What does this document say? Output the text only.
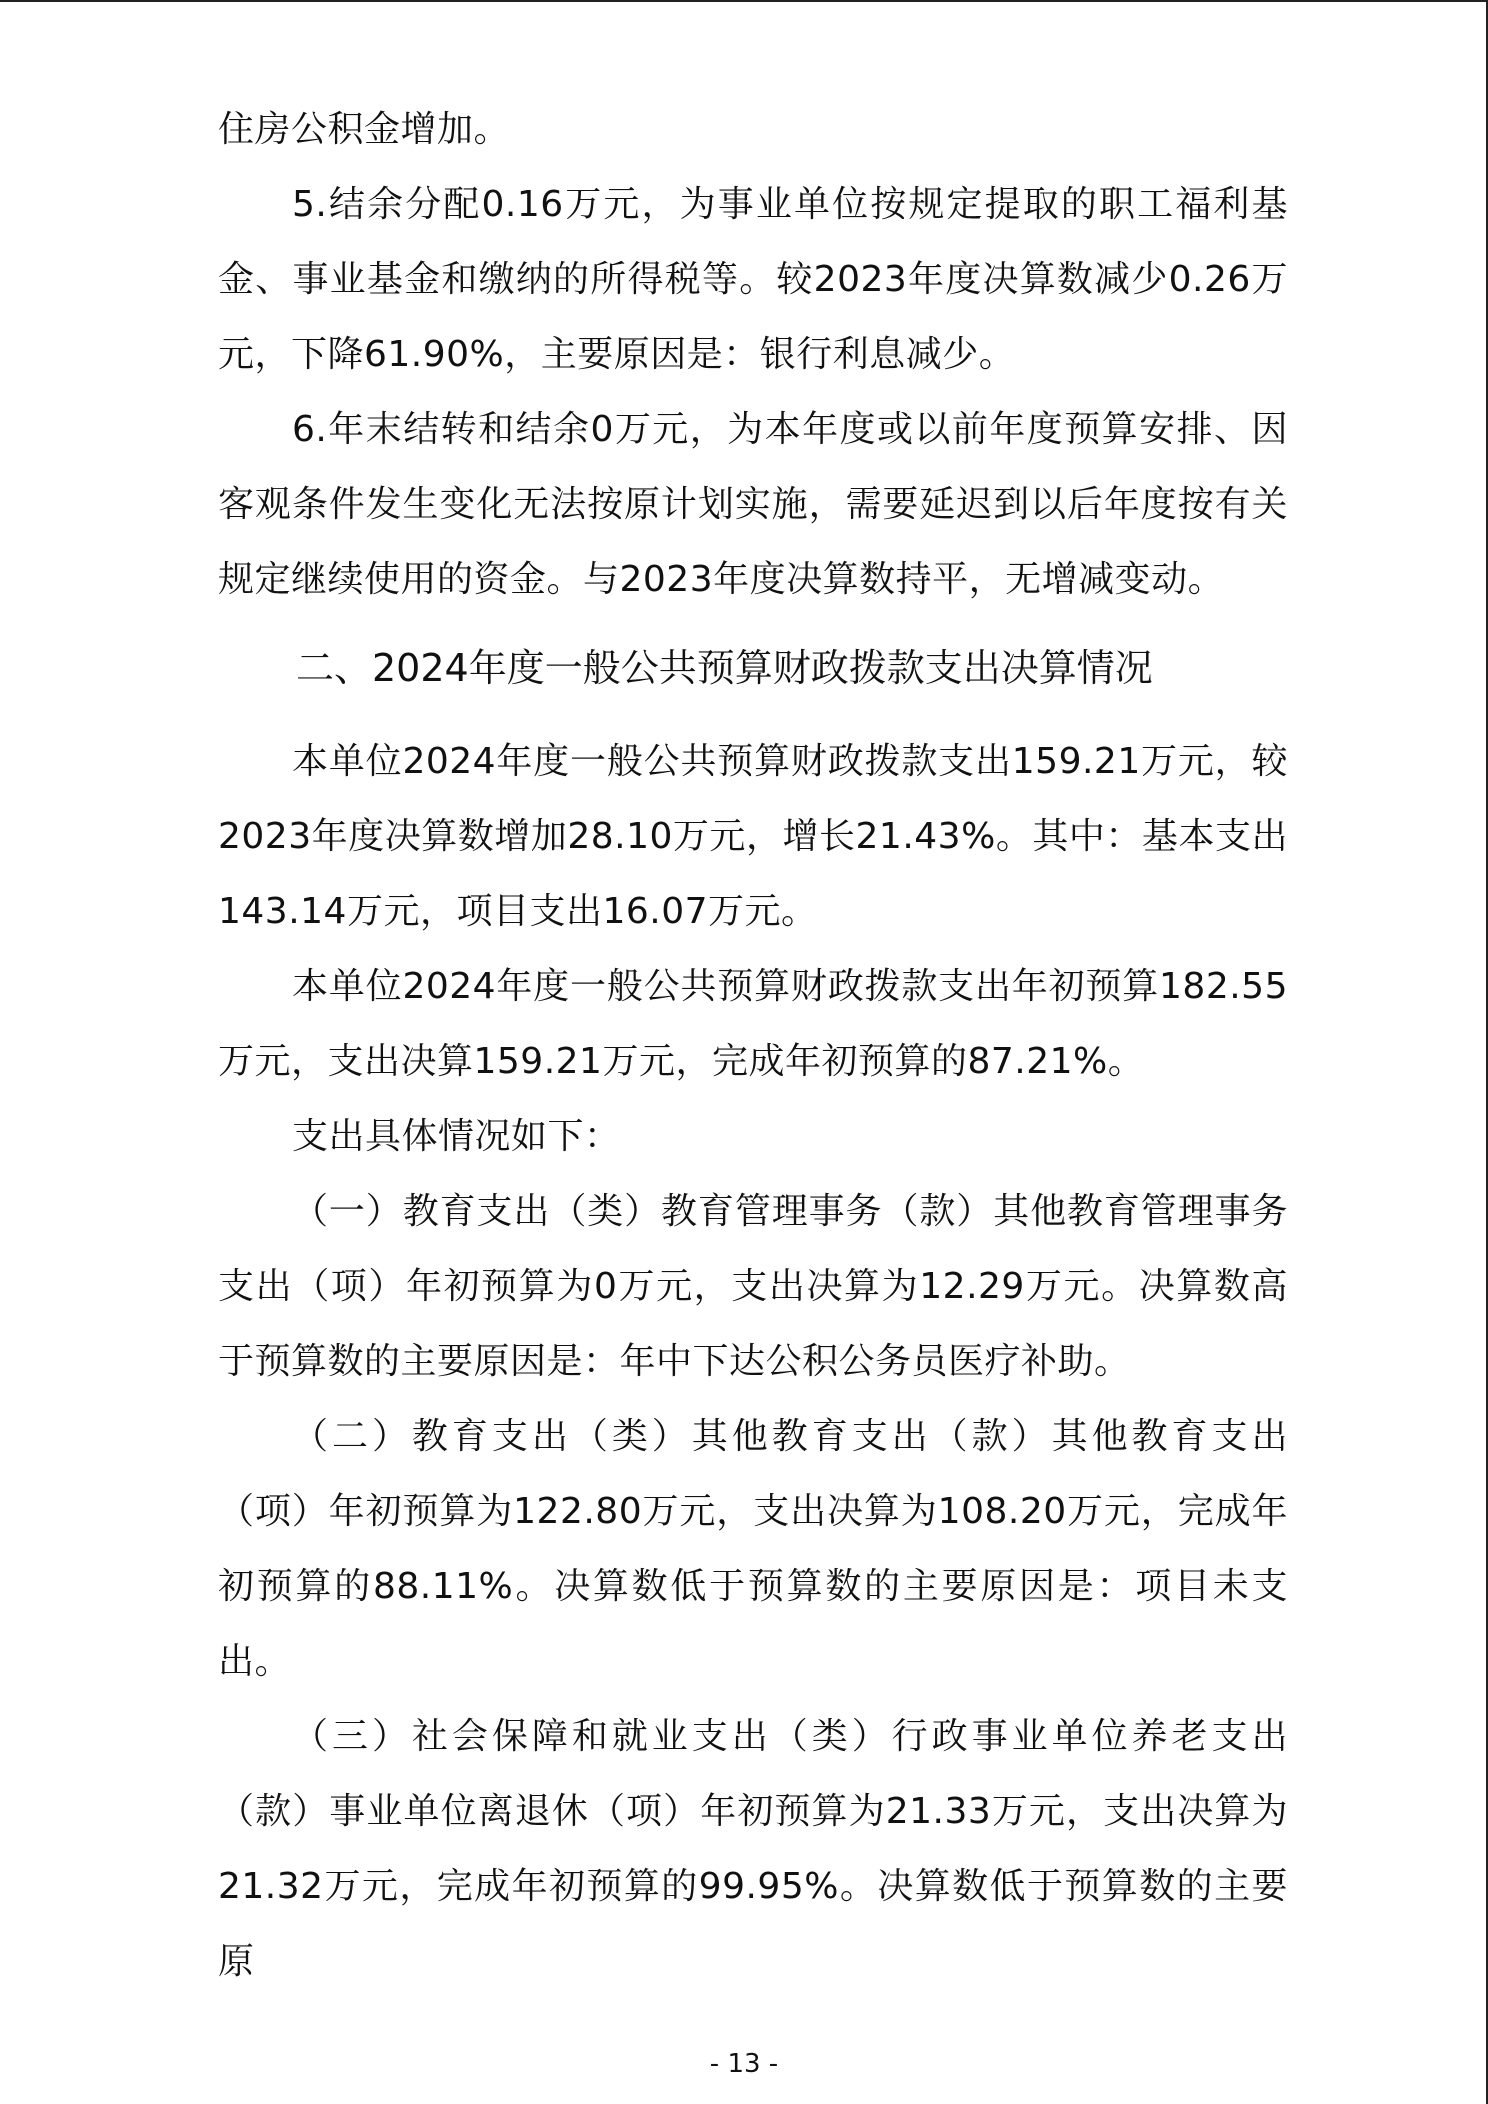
住房公积金增加。

5.结余分配0.16万元，为事业单位按规定提取的职工福利基金、事业基金和缴纳的所得税等。较2023年度决算数减少0.26万元，下降61.90%，主要原因是：银行利息减少。

6.年末结转和结余0万元，为本年度或以前年度预算安排、因客观条件发生变化无法按原计划实施，需要延迟到以后年度按有关规定继续使用的资金。与2023年度决算数持平，无增减变动。

二、2024年度一般公共预算财政拨款支出决算情况

本单位2024年度一般公共预算财政拨款支出159.21万元，较2023年度决算数增加28.10万元，增长21.43%。其中：基本支出143.14万元，项目支出16.07万元。

本单位2024年度一般公共预算财政拨款支出年初预算182.55万元，支出决算159.21万元，完成年初预算的87.21%。

支出具体情况如下：

（一）教育支出（类）教育管理事务（款）其他教育管理事务支出（项）年初预算为0万元，支出决算为12.29万元。决算数高于预算数的主要原因是：年中下达公积公务员医疗补助。

（二）教育支出（类）其他教育支出（款）其他教育支出（项）年初预算为122.80万元，支出决算为108.20万元，完成年初预算的88.11%。决算数低于预算数的主要原因是：项目未支出。

（三）社会保障和就业支出（类）行政事业单位养老支出（款）事业单位离退休（项）年初预算为21.33万元，支出决算为21.32万元，完成年初预算的99.95%。决算数低于预算数的主要原

- 13 -
